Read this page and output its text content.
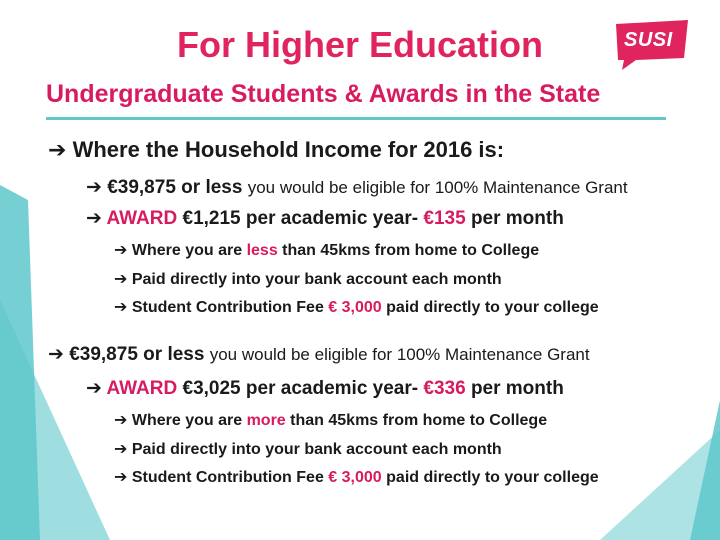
SUSI
For Higher Education
Undergraduate Students & Awards in the State
➔ Where the Household Income for 2016 is:
➔ €39,875 or less you would be eligible for 100% Maintenance Grant
➔ AWARD €1,215 per academic year- €135 per month
➔ Where you are less than 45kms from home to College
➔ Paid directly into your bank account each month
➔ Student Contribution Fee € 3,000 paid directly to your college
➔ €39,875 or less you would be eligible for 100% Maintenance Grant
➔ AWARD €3,025 per academic year- €336 per month
➔ Where you are more than 45kms from home to College
➔ Paid directly into your bank account each month
➔ Student Contribution Fee € 3,000 paid directly to your college
